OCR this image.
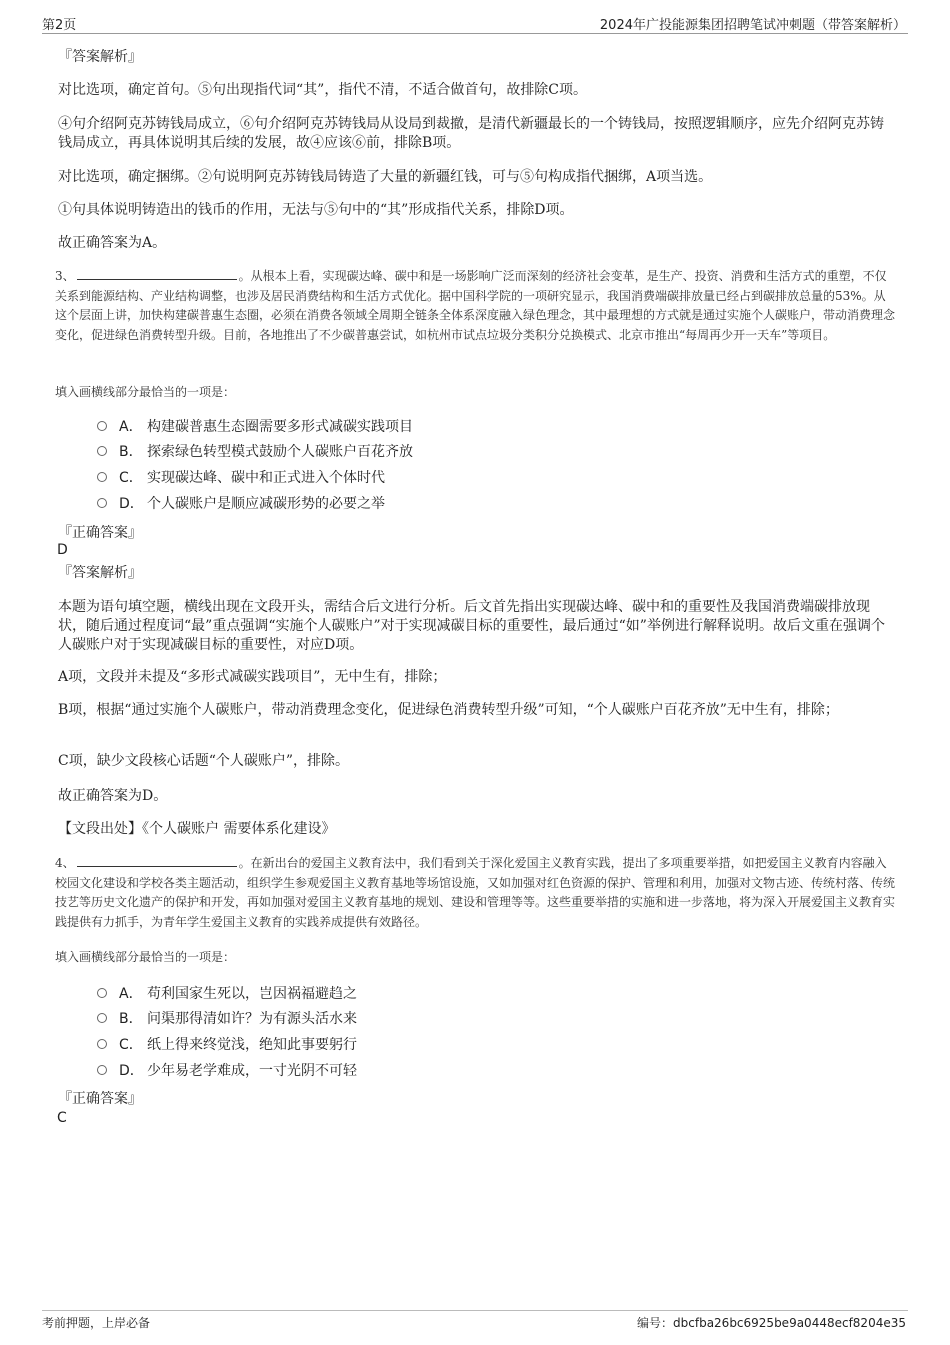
第2页	2024年广投能源集团招聘笔试冲刺题（带答案解析）
『答案解析』
对比选项，确定首句。⑤句出现指代词“其”，指代不清，不适合做首句，故排除C项。
④句介绍阿克苏铸钱局成立，⑥句介绍阿克苏铸钱局从设局到裁撤，是清代新疆最长的一个铸钱局，按照逻辑顺序，应先介绍阿克苏铸钱局成立，再具体说明其后续的发展，故④应该⑥前，排除B项。
对比选项，确定捆绑。②句说明阿克苏铸钱局铸造了大量的新疆红钱，可与⑤句构成指代捆绑，A项当选。
①句具体说明铸造出的钱币的作用，无法与⑤句中的“其”形成指代关系，排除D项。
故正确答案为A。
3、	。从根本上看，实现碳达峰、碳中和是一场影响广泛而深刻的经济社会变革，是生产、投资、消费和生活方式的重塑，不仅关系到能源结构、产业结构调整，也涉及居民消费结构和生活方式优化。据中国科学院的一项研究显示，我国消费端碳排放量已经占到碳排放总量的53%。从这个层面上讲，加快构建碳普惠生态圈，必须在消费各领域全周期全链条全体系深度融入绿色理念，其中最理想的方式就是通过实施个人碳账户，带动消费理念变化，促进绿色消费转型升级。目前，各地推出了不少碳普惠尝试，如杭州市试点垃圾分类积分兑换模式、北京市推出“每周再少开一天车”等项目。
填入画横线部分最恰当的一项是：
A． 构建碳普惠生态圈需要多形式减碳实践项目
B． 探索绿色转型模式鼓励个人碳账户百花齐放
C． 实现碳达峰、碳中和正式进入个体时代
D． 个人碳账户是顺应减碳形势的必要之举
『正确答案』
D
『答案解析』
本题为语句填空题，横线出现在文段开头，需结合后文进行分析。后文首先指出实现碳达峰、碳中和的重要性及我国消费端碳排放现状，随后通过程度词“最”重点强调“实施个人碳账户”对于实现减碳目标的重要性，最后通过“如”举例进行解释说明。故后文重在强调个人碳账户对于实现减碳目标的重要性，对应D项。
A项，文段并未提及“多形式减碳实践项目”，无中生有，排除；
B项，根据“通过实施个人碳账户，带动消费理念变化，促进绿色消费转型升级”可知，“个人碳账户百花齐放”无中生有，排除；
C项，缺少文段核心话题“个人碳账户”，排除。
故正确答案为D。
【文段出处】《个人碳账户 需要体系化建设》
4、	。在新出台的爱国主义教育法中，我们看到关于深化爱国主义教育实践，提出了多项重要举措，如把爱国主义教育内容融入校园文化建设和学校各类主题活动，组织学生参观爱国主义教育基地等场馆设施，又如加强对红色资源的保护、管理和利用，加强对文物古迹、传统村落、传统技艺等历史文化遗产的保护和开发，再如加强对爱国主义教育基地的规划、建设和管理等等。这些重要举措的实施和进一步落地，将为深入开展爱国主义教育实践提供有力抓手，为青年学生爱国主义教育的实践养成提供有效路径。
填入画横线部分最恰当的一项是：
A． 苟利国家生死以，岂因祸福避趋之
B． 问渠那得清如许？为有源头活水来
C． 纸上得来终觉浅，绝知此事要躬行
D． 少年易老学难成，一寸光阴不可轻
『正确答案』
C
考前押题，上岸必备	编号：dbcfba26bc6925be9a0448ecf8204e35
